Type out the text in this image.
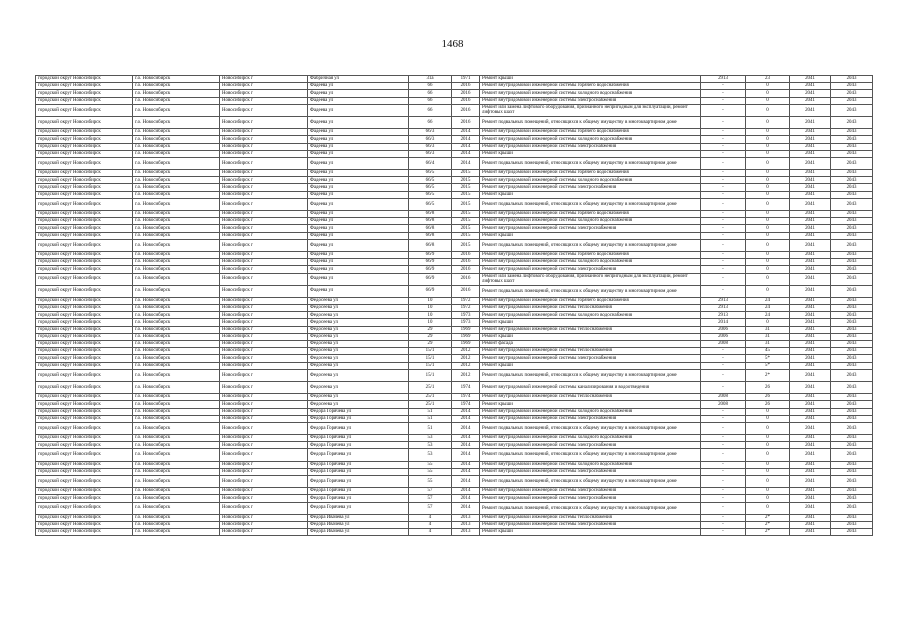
1468
городской округ Новосибирск	г.о. Новосибирск	Новосибирск г	Фабричная ул	31а	1971	Ремонт крыши	2913	23	2041	2043
городской округ Новосибирск	г.о. Новосибирск	Новосибирск г	Фадеева ул	66	2016	Ремонт внутридомовой инженерной системы горячего водоснабжения	-	0	2041	2043
городской округ Новосибирск	г.о. Новосибирск	Новосибирск г	Фадеева ул	66	2016	Ремонт внутридомовой инженерной системы холодного водоснабжения	-	0	2041	2043
городской округ Новосибирск	г.о. Новосибирск	Новосибирск г	Фадеева ул	66	2016	Ремонт внутридомовой инженерной системы электроснабжения	-	0	2041	2043
городской округ Новосибирск	г.о. Новосибирск	Новосибирск г	Фадеева ул	66	2016	Ремонт или замена лифтового оборудования, признанного непригодным для эксплуатации, ремонт лифтовых шахт	-	0	2041	2043
городской округ Новосибирск	г.о. Новосибирск	Новосибирск г	Фадеева ул	66	2016	Ремонт подвальных помещений, относящихся к общему имуществу в многоквартирном доме	-	0	2041	2043
городской округ Новосибирск	г.о. Новосибирск	Новосибирск г	Фадеева ул	66/3	2014	Ремонт внутридомовой инженерной системы горячего водоснабжения	-	0	2041	2043
городской округ Новосибирск	г.о. Новосибирск	Новосибирск г	Фадеева ул	66/3	2014	Ремонт внутридомовой инженерной системы холодного водоснабжения	-	0	2041	2043
городской округ Новосибирск	г.о. Новосибирск	Новосибирск г	Фадеева ул	66/3	2014	Ремонт внутридомовой инженерной системы электроснабжения	-	0	2041	2043
городской округ Новосибирск	г.о. Новосибирск	Новосибирск г	Фадеева ул	66/3	2014	Ремонт крыши	-	0	2041	2043
городской округ Новосибирск	г.о. Новосибирск	Новосибирск г	Фадеева ул	66/4	2014	Ремонт подвальных помещений, относящихся к общему имуществу в многоквартирном доме	-	0	2041	2043
городской округ Новосибирск	г.о. Новосибирск	Новосибирск г	Фадеева ул	66/5	2015	Ремонт внутридомовой инженерной системы горячего водоснабжения	-	0	2041	2043
городской округ Новосибирск	г.о. Новосибирск	Новосибирск г	Фадеева ул	66/5	2015	Ремонт внутридомовой инженерной системы холодного водоснабжения	-	0	2041	2043
городской округ Новосибирск	г.о. Новосибирск	Новосибирск г	Фадеева ул	66/5	2015	Ремонт внутридомовой инженерной системы электроснабжения	-	0	2041	2043
городской округ Новосибирск	г.о. Новосибирск	Новосибирск г	Фадеева ул	66/5	2015	Ремонт крыши	-	0	2041	2043
городской округ Новосибирск	г.о. Новосибирск	Новосибирск г	Фадеева ул	66/5	2015	Ремонт подвальных помещений, относящихся к общему имуществу в многоквартирном доме	-	0	2041	2043
городской округ Новосибирск	г.о. Новосибирск	Новосибирск г	Фадеева ул	66/8	2015	Ремонт внутридомовой инженерной системы горячего водоснабжения	-	0	2041	2043
городской округ Новосибирск	г.о. Новосибирск	Новосибирск г	Фадеева ул	66/8	2015	Ремонт внутридомовой инженерной системы холодного водоснабжения	-	0	2041	2043
городской округ Новосибирск	г.о. Новосибирск	Новосибирск г	Фадеева ул	66/8	2015	Ремонт внутридомовой инженерной системы электроснабжения	-	0	2041	2043
городской округ Новосибирск	г.о. Новосибирск	Новосибирск г	Фадеева ул	66/8	2015	Ремонт крыши	-	0	2041	2043
городской округ Новосибирск	г.о. Новосибирск	Новосибирск г	Фадеева ул	66/8	2015	Ремонт подвальных помещений, относящихся к общему имуществу в многоквартирном доме	-	0	2041	2043
городской округ Новосибирск	г.о. Новосибирск	Новосибирск г	Фадеева ул	66/9	2016	Ремонт внутридомовой инженерной системы горячего водоснабжения	-	0	2041	2043
городской округ Новосибирск	г.о. Новосибирск	Новосибирск г	Фадеева ул	66/9	2016	Ремонт внутридомовой инженерной системы холодного водоснабжения	-	0	2041	2043
городской округ Новосибирск	г.о. Новосибирск	Новосибирск г	Фадеева ул	66/9	2016	Ремонт внутридомовой инженерной системы электроснабжения	-	0	2041	2043
городской округ Новосибирск	г.о. Новосибирск	Новосибирск г	Фадеева ул	66/9	2016	Ремонт или замена лифтового оборудования, признанного непригодным для эксплуатации, ремонт лифтовых шахт	-	0	2041	2043
городской округ Новосибирск	г.о. Новосибирск	Новосибирск г	Фадеева ул	66/9	2016	Ремонт подвальных помещений, относящихся к общему имуществу в многоквартирном доме	-	0	2041	2043
городской округ Новосибирск	г.о. Новосибирск	Новосибирск г	Федосеева ул	10	1972	Ремонт внутридомовой инженерной системы горячего водоснабжения	2913	24	2041	2043
городской округ Новосибирск	г.о. Новосибирск	Новосибирск г	Федосеева ул	10	1972	Ремонт внутридомовой инженерной системы теплоснабжения	2913	24	2041	2043
городской округ Новосибирск	г.о. Новосибирск	Новосибирск г	Федосеева ул	10	1973	Ремонт внутридомовой инженерной системы холодного водоснабжения	2913	24	2041	2043
городской округ Новосибирск	г.о. Новосибирск	Новосибирск г	Федосеева ул	10	1973	Ремонт крыши	2014	0	2041	2043
городской округ Новосибирск	г.о. Новосибирск	Новосибирск г	Федосеева ул	29	1969	Ремонт внутридомовой инженерной системы теплоснабжения	2006	31	2041	2043
городской округ Новосибирск	г.о. Новосибирск	Новосибирск г	Федосеева ул	29	1969	Ремонт крыши	2006	31	2041	2043
городской округ Новосибирск	г.о. Новосибирск	Новосибирск г	Федосеева ул	29	1969	Ремонт фасада	2008	31	2041	2043
городской округ Новосибирск	г.о. Новосибирск	Новосибирск г	Федосеева ул	15/1	2012	Ремонт внутридомовой инженерной системы теплоснабжения	-	45	2041	2043
городской округ Новосибирск	г.о. Новосибирск	Новосибирск г	Федосеева ул	15/1	2012	Ремонт внутридомовой инженерной системы электроснабжения	-	5*	2041	2043
городской округ Новосибирск	г.о. Новосибирск	Новосибирск г	Федосеева ул	15/1	2012	Ремонт крыши	-	5*	2041	2043
городской округ Новосибирск	г.о. Новосибирск	Новосибирск г	Федосеева ул	15/1	2012	Ремонт подвальных помещений, относящихся к общему имуществу в многоквартирном доме	-	2*	2041	2043
городской округ Новосибирск	г.о. Новосибирск	Новосибирск г	Федосеева ул	25/1	1974	Ремонт внутридомовой инженерной системы канализирования и водоотведения	-	26	2041	2043
городской округ Новосибирск	г.о. Новосибирск	Новосибирск г	Федосеева ул	25/1	1974	Ремонт внутридомовой инженерной системы теплоснабжения	2008	26	2041	2043
городской округ Новосибирск	г.о. Новосибирск	Новосибирск г	Федосеева ул	25/1	1974	Ремонт крыши	2008	26	2041	2043
городской округ Новосибирск	г.о. Новосибирск	Новосибирск г	Федора Горячева ул	51	2014	Ремонт внутридомовой инженерной системы холодного водоснабжения	-	0	2041	2043
городской округ Новосибирск	г.о. Новосибирск	Новосибирск г	Федора Горячева ул	51	2014	Ремонт внутридомовой инженерной системы электроснабжения	-	0	2041	2043
городской округ Новосибирск	г.о. Новосибирск	Новосибирск г	Федора Горячева ул	51	2014	Ремонт подвальных помещений, относящихся к общему имуществу в многоквартирном доме	-	0	2041	2043
городской округ Новосибирск	г.о. Новосибирск	Новосибирск г	Федора Горячева ул	53	2014	Ремонт внутридомовой инженерной системы холодного водоснабжения	-	0	2041	2043
городской округ Новосибирск	г.о. Новосибирск	Новосибирск г	Федора Горячева ул	53	2014	Ремонт внутридомовой инженерной системы электроснабжения	-	0	2041	2043
городской округ Новосибирск	г.о. Новосибирск	Новосибирск г	Федора Горячева ул	53	2014	Ремонт подвальных помещений, относящихся к общему имуществу в многоквартирном доме	-	0	2041	2043
городской округ Новосибирск	г.о. Новосибирск	Новосибирск г	Федора Горячева ул	55	2014	Ремонт внутридомовой инженерной системы холодного водоснабжения	-	0	2041	2043
городской округ Новосибирск	г.о. Новосибирск	Новосибирск г	Федора Горячева ул	55	2014	Ремонт внутридомовой инженерной системы электроснабжения	-	0	2041	2043
городской округ Новосибирск	г.о. Новосибирск	Новосибирск г	Федора Горячева ул	55	2014	Ремонт подвальных помещений, относящихся к общему имуществу в многоквартирном доме	-	0	2041	2043
городской округ Новосибирск	г.о. Новосибирск	Новосибирск г	Федора Горячева ул	57	2014	Ремонт внутридомовой инженерной системы электроснабжения	-	0	2041	2043
городской округ Новосибирск	г.о. Новосибирск	Новосибирск г	Федора Горячева ул	57	2014	Ремонт внутридомовой инженерной системы электроснабжения	-	0	2041	2043
городской округ Новосибирск	г.о. Новосибирск	Новосибирск г	Федора Горячева ул	57	2014	Ремонт подвальных помещений, относящихся к общему имуществу в многоквартирном доме	-	0	2041	2043
городской округ Новосибирск	г.о. Новосибирск	Новосибирск г	Федора Ивачёва ул	4	2013	Ремонт внутридомовой инженерной системы теплоснабжения	-	2*	2041	2043
городской округ Новосибирск	г.о. Новосибирск	Новосибирск г	Федора Ивачёва ул	4	2013	Ремонт внутридомовой инженерной системы электроснабжения	-	2*	2041	2043
городской округ Новосибирск	г.о. Новосибирск	Новосибирск г	Федора Ивачёва ул	4	2013	Ремонт крыши	-	2*	2041	2043
